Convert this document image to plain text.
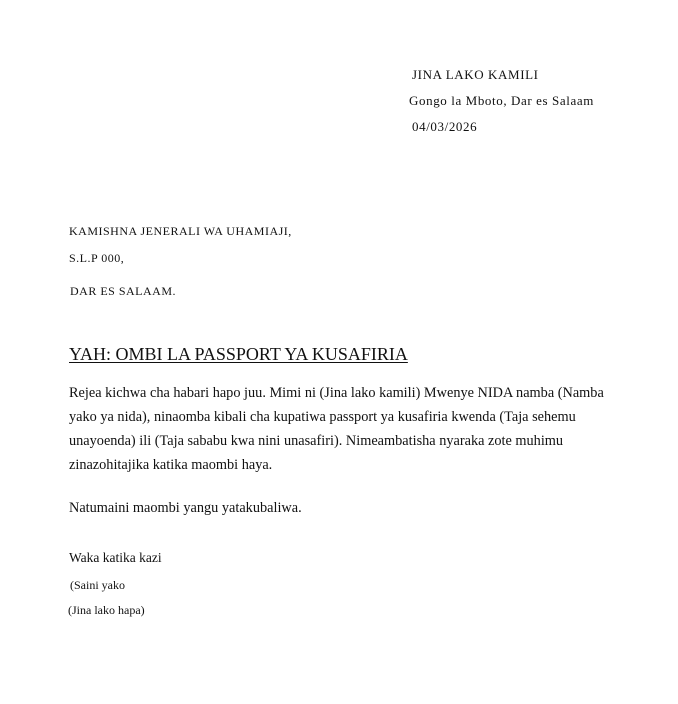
JINA LAKO KAMILI
Gongo la Mboto, Dar es Salaam
04/03/2026
KAMISHNA JENERALI WA UHAMIAJI,
S.L.P 000,
DAR ES SALAAM.
YAH: OMBI LA PASSPORT YA KUSAFIRIA

Rejea kichwa cha habari hapo juu. Mimi ni (Jina lako kamili) Mwenye NIDA namba (Namba yako ya nida), ninaomba kibali cha kupatiwa passport ya kusafiria kwenda (Taja sehemu unayoenda) ili (Taja sababu kwa nini unasafiri). Nimeambatisha nyaraka zote muhimu zinazohitajika katika maombi haya.

Natumaini maombi yangu yatakubaliwa.
Waka katika kazi
(Saini yako
(Jina lako hapa)
